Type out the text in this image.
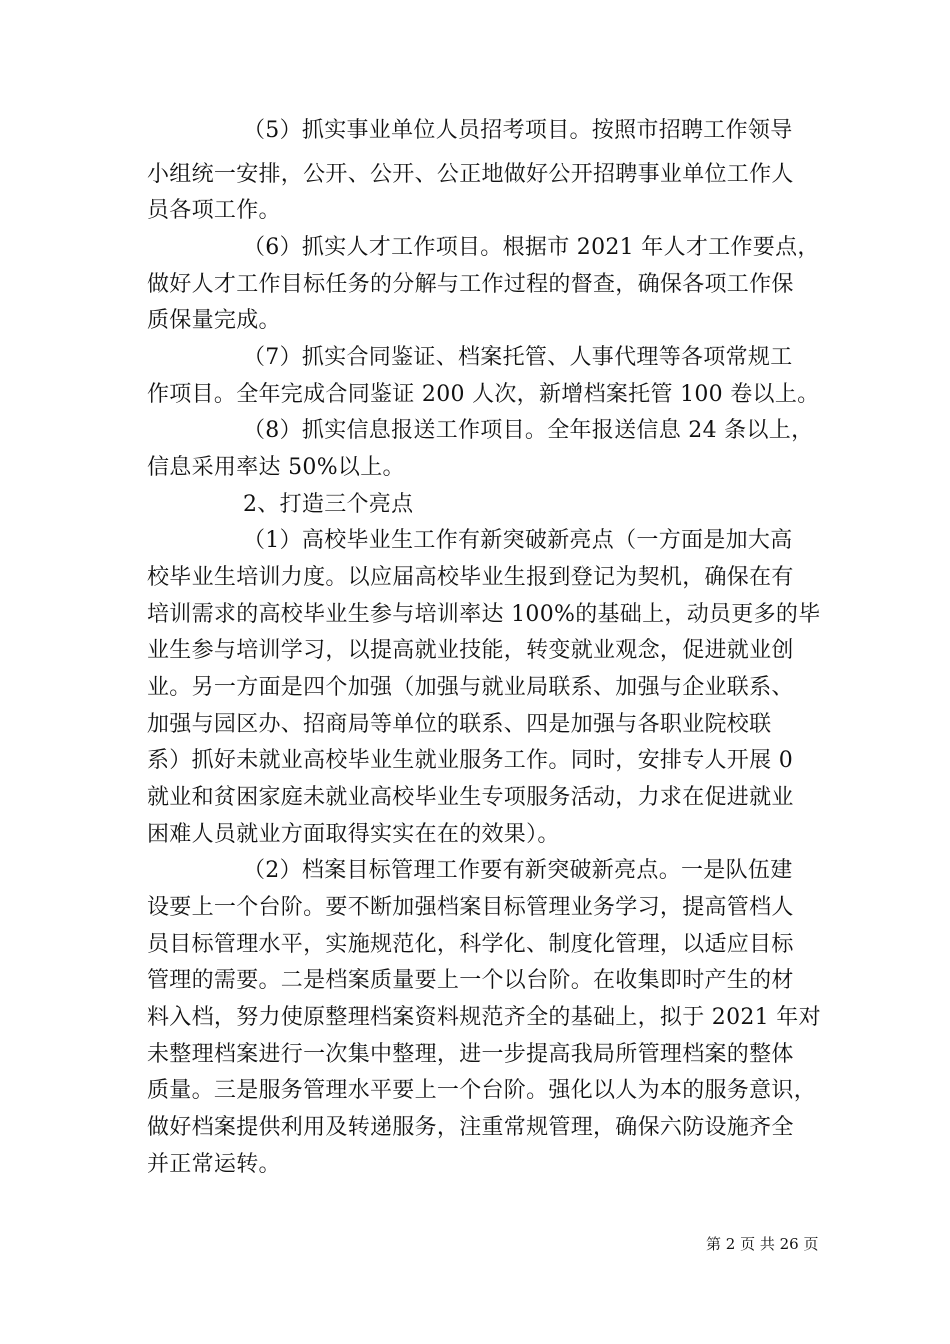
（5）抓实事业单位人员招考项目。按照市招聘工作领导
小组统一安排，公开、公开、公正地做好公开招聘事业单位工作人
员各项工作。
（6）抓实人才工作项目。根据市 2021 年人才工作要点，
做好人才工作目标任务的分解与工作过程的督查，确保各项工作保
质保量完成。
（7）抓实合同鉴证、档案托管、人事代理等各项常规工
作项目。全年完成合同鉴证 200 人次，新增档案托管 100 卷以上。
（8）抓实信息报送工作项目。全年报送信息 24 条以上，
信息采用率达 50%以上。
2、打造三个亮点
（1）高校毕业生工作有新突破新亮点（一方面是加大高
校毕业生培训力度。以应届高校毕业生报到登记为契机，确保在有
培训需求的高校毕业生参与培训率达 100%的基础上，动员更多的毕
业生参与培训学习，以提高就业技能，转变就业观念，促进就业创
业。另一方面是四个加强（加强与就业局联系、加强与企业联系、
加强与园区办、招商局等单位的联系、四是加强与各职业院校联
系）抓好未就业高校毕业生就业服务工作。同时，安排专人开展 0
就业和贫困家庭未就业高校毕业生专项服务活动，力求在促进就业
困难人员就业方面取得实实在在的效果）。
（2）档案目标管理工作要有新突破新亮点。一是队伍建
设要上一个台阶。要不断加强档案目标管理业务学习，提高管档人
员目标管理水平，实施规范化，科学化、制度化管理，以适应目标
管理的需要。二是档案质量要上一个以台阶。在收集即时产生的材
料入档，努力使原整理档案资料规范齐全的基础上，拟于 2021 年对
未整理档案进行一次集中整理，进一步提高我局所管理档案的整体
质量。三是服务管理水平要上一个台阶。强化以人为本的服务意识，
做好档案提供利用及转递服务，注重常规管理，确保六防设施齐全
并正常运转。
第 2 页 共 26 页
